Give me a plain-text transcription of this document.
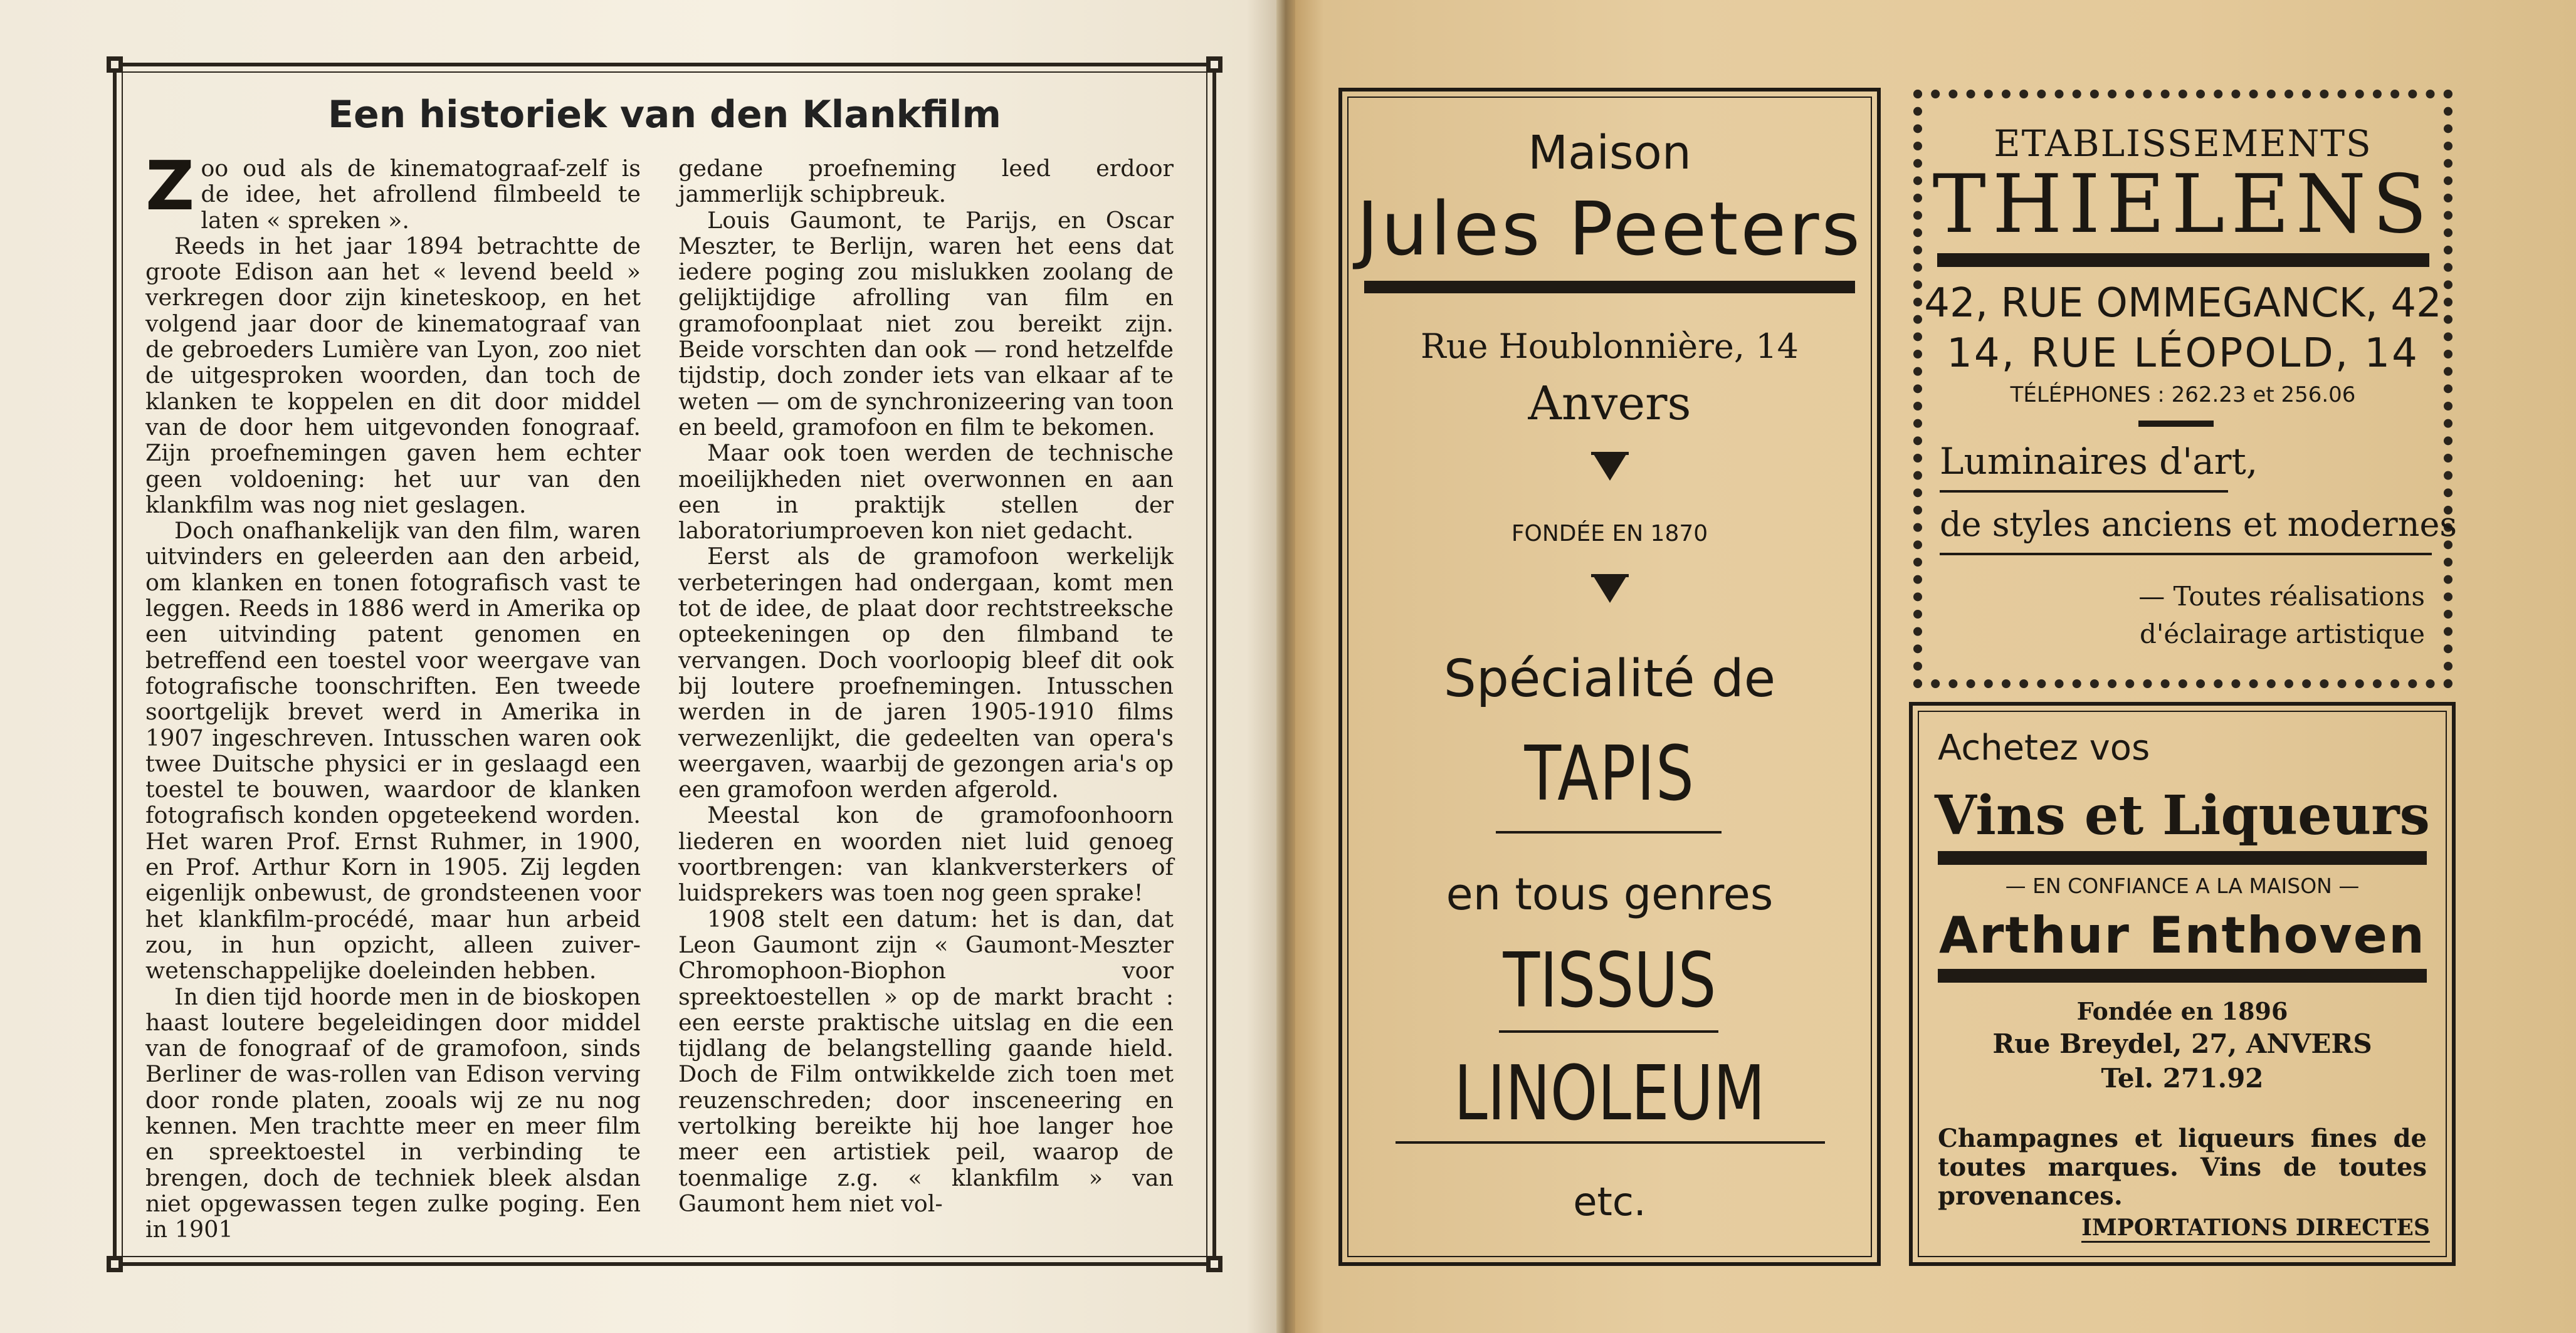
Een historiek van den Klankfilm

Zoo oud als de kinematograaf-zelf is de idee, het afrollend filmbeeld te laten « spreken ».

Reeds in het jaar 1894 betrachtte de groote Edison aan het « levend beeld » verkregen door zijn kineteskoop, en het volgend jaar door de kinematograaf van de gebroeders Lumière van Lyon, zoo niet de uitgesproken woorden, dan toch de klanken te koppelen en dit door middel van de door hem uitgevonden fonograaf. Zijn proefnemingen gaven hem echter geen voldoening: het uur van den klankfilm was nog niet geslagen.

Doch onafhankelijk van den film, waren uitvinders en geleerden aan den arbeid, om klanken en tonen fotografisch vast te leggen. Reeds in 1886 werd in Amerika op een uitvinding patent genomen en betreffend een toestel voor weergave van fotografische toonschriften. Een tweede soortgelijk brevet werd in Amerika in 1907 ingeschreven. Intusschen waren ook twee Duitsche physici er in geslaagd een toestel te bouwen, waardoor de klanken fotografisch konden opgeteekend worden. Het waren Prof. Ernst Ruhmer, in 1900, en Prof. Arthur Korn in 1905. Zij legden eigenlijk onbewust, de grondsteenen voor het klankfilm-procédé, maar hun arbeid zou, in hun opzicht, alleen zuiver-wetenschappelijke doeleinden hebben.

In dien tijd hoorde men in de bioskopen haast loutere begeleidingen door middel van de fonograaf of de gramofoon, sinds Berliner de was-rollen van Edison verving door ronde platen, zooals wij ze nu nog kennen. Men trachtte meer en meer film en spreektoestel in verbinding te brengen, doch de techniek bleek alsdan niet opgewassen tegen zulke poging. Een in 1901

gedane proefneming leed erdoor jammerlijk schipbreuk.

Louis Gaumont, te Parijs, en Oscar Meszter, te Berlijn, waren het eens dat iedere poging zou mislukken zoolang de gelijktijdige afrolling van film en gramofoonplaat niet zou bereikt zijn. Beide vorschten dan ook — rond hetzelfde tijdstip, doch zonder iets van elkaar af te weten — om de synchronizeering van toon en beeld, gramofoon en film te bekomen.

Maar ook toen werden de technische moeilijkheden niet overwonnen en aan een in praktijk stellen der laboratoriumproeven kon niet gedacht.

Eerst als de gramofoon werkelijk verbeteringen had ondergaan, komt men tot de idee, de plaat door rechtstreeksche opteekeningen op den filmband te vervangen. Doch voorloopig bleef dit ook bij loutere proefnemingen. Intusschen werden in de jaren 1905-1910 films verwezenlijkt, die gedeelten van opera's weergaven, waarbij de gezongen aria's op een gramofoon werden afgerold.

Meestal kon de gramofoonhoorn liederen en woorden niet luid genoeg voortbrengen: van klankversterkers of luidsprekers was toen nog geen sprake!

1908 stelt een datum: het is dan, dat Leon Gaumont zijn « Gaumont-Meszter Chromophoon-Biophon voor spreektoestellen » op de markt bracht : een eerste praktische uitslag en die een tijdlang de belangstelling gaande hield. Doch de Film ontwikkelde zich toen met reuzenschreden; door insceneering en vertolking bereikte hij hoe langer hoe meer een artistiek peil, waarop de toenmalige z.g. « klankfilm » van Gaumont hem niet vol-

Maison
Jules Peeters
Rue Houblonnière, 14
Anvers
FONDÉE EN 1870
Spécialité de
TAPIS
en tous genres
TISSUS
LINOLEUM
etc.
ETABLISSEMENTS
THIELENS
42, RUE OMMEGANCK, 42
14, RUE LÉOPOLD, 14
TÉLÉPHONES : 262.23 et 256.06
Luminaires d'art,
de styles anciens et modernes
— Toutes réalisations
d'éclairage artistique
Achetez vos
Vins et Liqueurs
— EN CONFIANCE A LA MAISON —
Arthur Enthoven
Fondée en 1896
Rue Breydel, 27, ANVERS
Tel. 271.92
Champagnes et liqueurs fines de toutes marques. Vins de toutes provenances.
IMPORTATIONS DIRECTES
